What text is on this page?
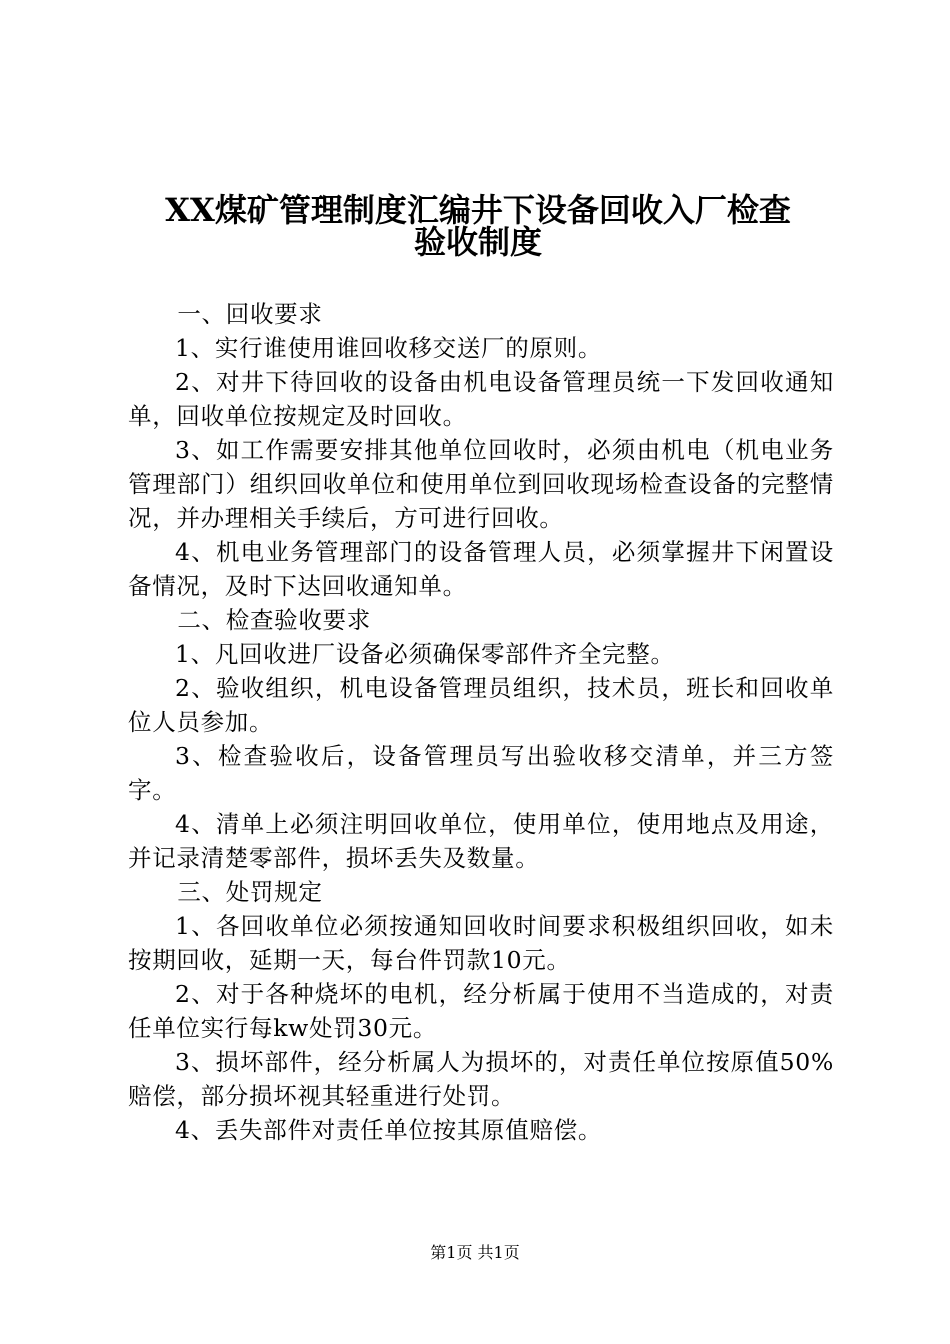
XX煤矿管理制度汇编井下设备回收入厂检查
验收制度

一、回收要求

1、实行谁使用谁回收移交送厂的原则。

2、对井下待回收的设备由机电设备管理员统一下发回收通知单，回收单位按规定及时回收。

3、如工作需要安排其他单位回收时，必须由机电（机电业务管理部门）组织回收单位和使用单位到回收现场检查设备的完整情况，并办理相关手续后，方可进行回收。

4、机电业务管理部门的设备管理人员，必须掌握井下闲置设备情况，及时下达回收通知单。

二、检查验收要求

1、凡回收进厂设备必须确保零部件齐全完整。

2、验收组织，机电设备管理员组织，技术员，班长和回收单位人员参加。

3、检查验收后，设备管理员写出验收移交清单，并三方签字。

4、清单上必须注明回收单位，使用单位，使用地点及用途，并记录清楚零部件，损坏丢失及数量。

三、处罚规定

1、各回收单位必须按通知回收时间要求积极组织回收，如未按期回收，延期一天，每台件罚款10元。

2、对于各种烧坏的电机，经分析属于使用不当造成的，对责任单位实行每kw处罚30元。

3、损坏部件，经分析属人为损坏的，对责任单位按原值50%赔偿，部分损坏视其轻重进行处罚。

4、丢失部件对责任单位按其原值赔偿。

第1页 共1页
